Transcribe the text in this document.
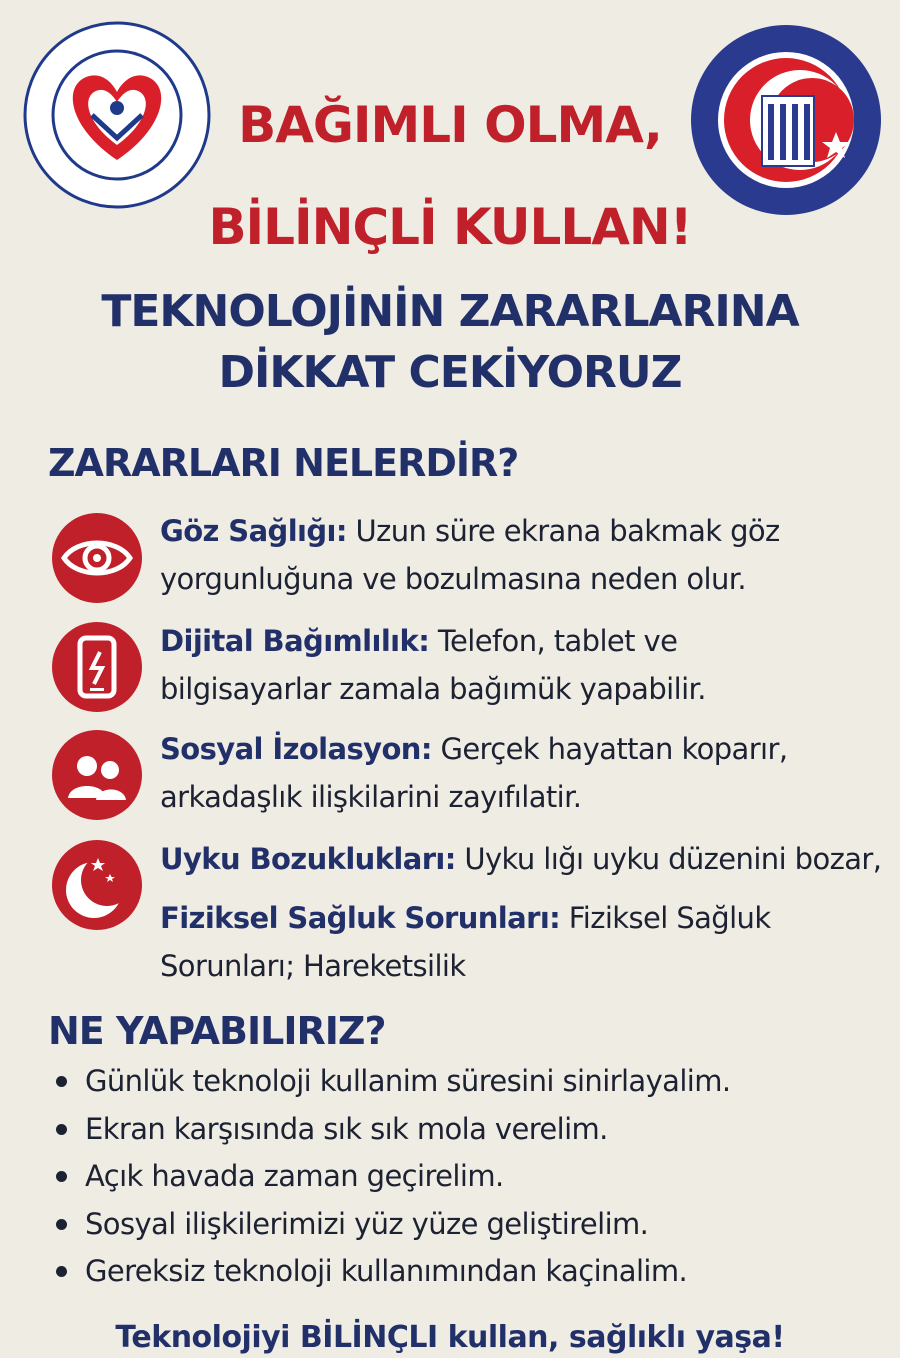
BAĞIMLI OLMA,
BİLİNÇLİ KULLAN!
TEKNOLOJİNİN ZARARLARINA
DİKKAT CEKİYORUZ
ZARARLARI NELERDİR?
Göz Sağlığı: Uzun süre ekrana bakmak göz
yorgunluğuna ve bozulmasına neden olur.
Dijital Bağımlılık: Telefon, tablet ve
bilgisayarlar zamala bağımük yapabilir.
Sosyal İzolasyon: Gerçek hayattan koparır,
arkadaşlık ilişkilarini zayıfılatir.
Uyku Bozuklukları: Uyku lığı uyku düzenini bozar,
Fiziksel Sağluk Sorunları: Fiziksel Sağluk
Sorunları; Hareketsilik
NE YAPABILIRIZ?
Günlük teknoloji kullanim süresini sinirlayalim.
Ekran karşısında sık sık mola verelim.
Açık havada zaman geçirelim.
Sosyal ilişkilerimizi yüz yüze geliştirelim.
Gereksiz teknoloji kullanımından kaçinalim.
Teknolojiyi BİLİNÇLI kullan, sağlıklı yaşa!
